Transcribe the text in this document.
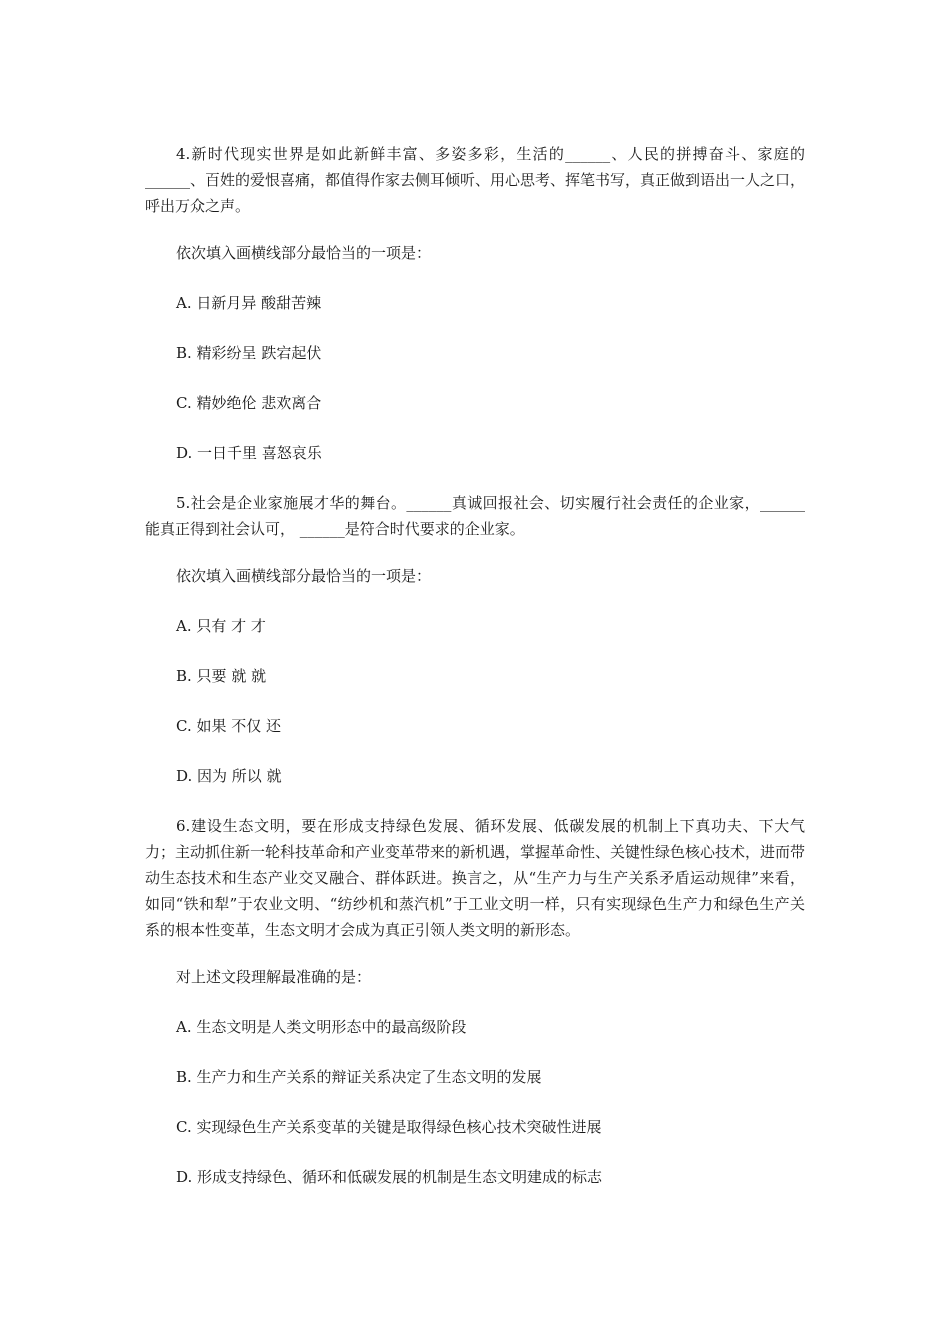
4.新时代现实世界是如此新鲜丰富、多姿多彩，生活的______、人民的拼搏奋斗、家庭的______、百姓的爱恨喜痛，都值得作家去侧耳倾听、用心思考、挥笔书写，真正做到语出一人之口，呼出万众之声。

依次填入画横线部分最恰当的一项是：

A. 日新月异 酸甜苦辣

B. 精彩纷呈 跌宕起伏

C. 精妙绝伦 悲欢离合

D. 一日千里 喜怒哀乐

5.社会是企业家施展才华的舞台。______真诚回报社会、切实履行社会责任的企业家，______能真正得到社会认可， ______是符合时代要求的企业家。

依次填入画横线部分最恰当的一项是：

A. 只有 才 才

B. 只要 就 就

C. 如果 不仅 还

D. 因为 所以 就

6.建设生态文明，要在形成支持绿色发展、循环发展、低碳发展的机制上下真功夫、下大气力；主动抓住新一轮科技革命和产业变革带来的新机遇，掌握革命性、关键性绿色核心技术，进而带动生态技术和生态产业交叉融合、群体跃进。换言之，从“生产力与生产关系矛盾运动规律”来看，如同“铁和犁”于农业文明、“纺纱机和蒸汽机”于工业文明一样，只有实现绿色生产力和绿色生产关系的根本性变革，生态文明才会成为真正引领人类文明的新形态。

对上述文段理解最准确的是：

A. 生态文明是人类文明形态中的最高级阶段

B. 生产力和生产关系的辩证关系决定了生态文明的发展

C. 实现绿色生产关系变革的关键是取得绿色核心技术突破性进展

D. 形成支持绿色、循环和低碳发展的机制是生态文明建成的标志
